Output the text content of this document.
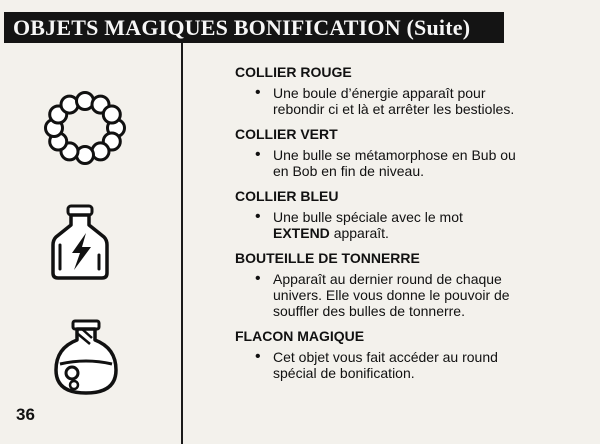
OBJETS MAGIQUES BONIFICATION (Suite)
COLLIER ROUGE
• Une boule d’énergie apparaît pour rebondir ci et là et arrêter les bestioles.
COLLIER VERT
• Une bulle se métamorphose en Bub ou en Bob en fin de niveau.
COLLIER BLEU
• Une bulle spéciale avec le mot
EXTEND apparaît.
BOUTEILLE DE TONNERRE
• Apparaît au dernier round de chaque univers. Elle vous donne le pouvoir de souffler des bulles de tonnerre.
FLACON MAGIQUE
• Cet objet vous fait accéder au round spécial de bonification.
36
